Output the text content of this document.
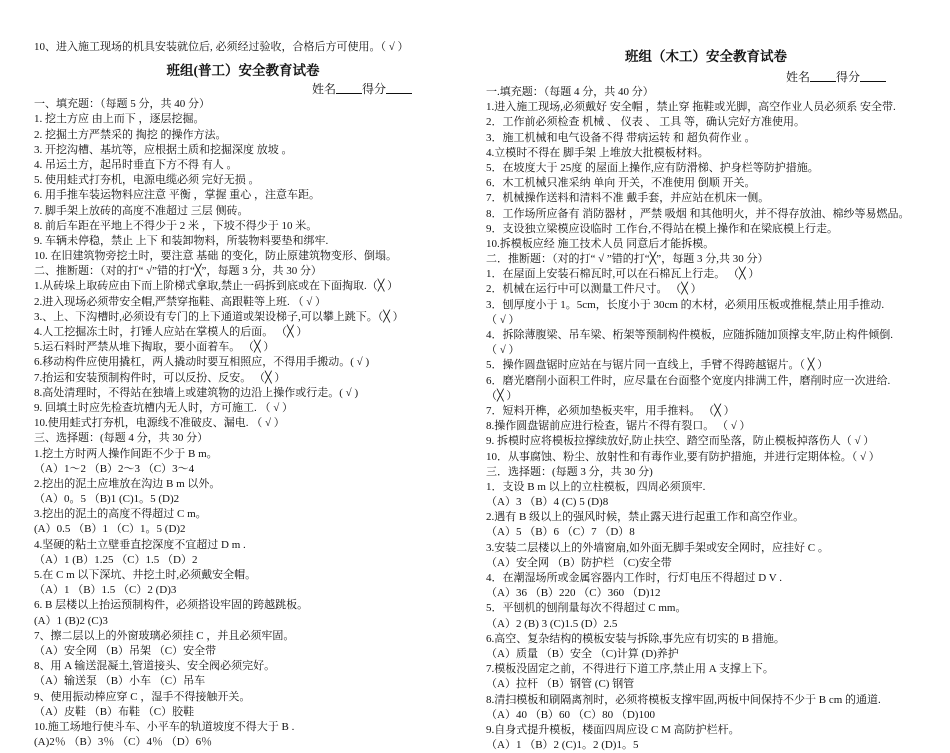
10、进入施工现场的机具安装就位后, 必须经过验收，合格后方可使用。（ √ ）
班组(普工）安全教育试卷
姓名 得分
一、填充题：（每题 5 分，共 40 分）
1. 挖土方应 由上而下 ，逐层挖掘。
2. 挖掘土方严禁采的 掏挖 的操作方法。
3. 开挖沟槽、基坑等，应根据土质和挖掘深度 放坡 。
4. 吊运土方，起吊时垂直下方不得 有人 。
5. 使用蛙式打夯机，电源电缆必须 完好无损 。
6. 用手推车装运物料应注意 平衡 ，掌握 重心 ，注意车距。
7. 脚手架上放砖的高度不准超过 三层 侧砖。
8. 前后车距在平地上不得少于 2 米 ，下坡不得少于 10 米。
9. 车辆未停稳，禁止 上下 和装卸物料，所装物料要垫和绑牢.
10. 在旧建筑物旁挖土时，要注意 基础 的变化，防止原建筑物变形、倒塌。
二、推断题：（对的打“ √”错的打“╳”，每题 3 分，共 30 分）
1.从砖垛上取砖应由下而上阶梯式拿取,禁止一码拆到底或在下面掏取.（╳ ）
2.进入现场必须带安全帽,严禁穿拖鞋、高跟鞋等上班. （ √ ）
3.、上、下沟槽时,必须设有专门的上下通道或架设梯子,可以攀上跳下。（╳ ）
4.人工挖掘冻土时，打锤人应站在掌模人的后面。 （╳ ）
5.运石料时严禁从堆下掏取，要小面着车。 （╳ ）
6.移动构件应使用撬杠，两人撬动时要互相照应，不得用手搬动。( √ )
7.抬运和安装预制构件时，可以反扮、反安。 （╳ ）
8.高处清理时，不得站在独墙上或建筑物的边沿上操作或行走。( √ )
9. 回填土时应先检查坑槽内无人时，方可施工. （ √ ）
10.使用蛙式打夯机，电源线不准破皮、漏电. （ √ ）
三、选择题：(每题 4 分，共 30 分）
1.挖土方时两人操作间距不少于 B m。
（A）1～2 （B）2～3 （C）3～4
2.挖出的泥土应堆放在沟边 B m 以外。
（A）0。5 （B)1 (C)1。5 (D)2
3.挖出的泥土的高度不得超过 C m。
(A）0.5 （B）1 （C）1。5 (D)2
4.坚硬的粘土立壁垂直挖深度不宜超过 D m .
（A）1 (B）1.25 （C）1.5 （D）2
5.在 C m 以下深坑、井挖土时,必须戴安全帽。
（A）1 （B）1.5 （C）2 (D)3
6. B 层楼以上抬运预制构件，必须搭设牢固的跨越跳板。
(A）1 (B)2 (C)3
7、擦二层以上的外窗玻璃必须挂 C ，并且必须牢固。
（A）安全网 （B）吊架 （C）安全带
8、用 A 输送混凝土,管道接头、安全阀必须完好。
（A）输送泵 （B）小车 （C）吊车
9、使用振动棒应穿 C ，湿手不得接触开关。
（A）皮鞋 （B）布鞋 （C）胶鞋
10.施工场地行使斗车、小平车的轨道坡度不得大于 B .
(A)2％ （B）3％ （C）4％ （D）6％
班组（木工）安全教育试卷
姓名 得分
一.填充题：（每题 4 分，共 40 分）
1.进入施工现场,必须戴好 安全帽 ，禁止穿 拖鞋或光脚，高空作业人员必须系 安全带.
2．工作前必须检查 机械 、 仪表 、 工具 等，确认完好方准使用。
3．施工机械和电气设备不得 带病运转 和 超负荷作业 。
4.立模时不得在 脚手架 上堆放大批模板材料。
5．在坡度大于 25度 的屋面上操作,应有防滑梯、护身栏等防护措施。
6．木工机械只准采纳 单向 开关，不准使用 倒顺 开关。
7．机械操作送料和清料不准 戴手套，并应站在机床一侧。
8．工作场所应备有 消防器材 ，严禁 吸烟 和其他明火，并不得存放油、棉纱等易燃品。
9．支设独立梁模应设临时 工作台,不得站在模上操作和在梁底模上行走。
10.拆模板应经 施工技术人员 同意后才能拆模。
二．推断题：（对的打“ √ ”错的打“╳”，每题 3 分,共 30 分）
1．在屋面上安装石棉瓦时,可以在石棉瓦上行走。 （╳ ）
2．机械在运行中可以测量工件尺寸。 （╳ ）
3．刨厚度小于 1。5cm，长度小于 30cm 的木材，必须用压板或推棍,禁止用手推动.
（ √ ）
4．拆除薄腹梁、吊车梁、桁架等预制构件模板，应随拆随加顶撑支牢,防止构件倾倒.
（ √ ）
5．操作圆盘锯时应站在与锯片同一直线上，手臂不得跨越锯片。（ ╳ ）
6．磨光磨削小面积工件时，应尽量在台面整个宽度内排满工件，磨削时应一次进给.
（╳ ）
7．短料开榫，必须加垫板夹牢，用手推料。 （╳ ）
8.操作圆盘锯前应进行检查，锯片不得有裂口。 （ √ ）
9. 拆模时应将模板拉撑续放好,防止扶空、踏空而坠落，防止模板掉落伤人（ √ ）
10．从事腐蚀、粉尘、放射性和有毒作业,要有防护措施，并进行定期体检。（ √ ）
三．选择题：(每题 3 分，共 30 分)
1．支设 B m 以上的立柱模板，四周必须顶牢.
（A）3 （B）4 (C) 5 (D)8
2.遇有 B 级以上的强风时候，禁止露天进行起重工作和高空作业。
（A）5 （B）6 （C）7 （D）8
3.安装二层楼以上的外墙窗扇,如外面无脚手架或安全网时，应挂好 C 。
（A）安全网 （B）防护栏 （C)安全带
4．在潮湿场所或金属容器内工作时，行灯电压不得超过 D V .
（A）36 （B）220 （C）360 （D)12
5．平刨机的刨削量每次不得超过 C mm。
（A）2 (B) 3 (C)1.5 (D）2.5
6.高空、复杂结构的模板安装与拆除,事先应有切实的 B 措施。
（A）质量 （B）安全 （C)计算 (D)养护
7.模板没固定之前，不得进行下道工序,禁止用 A 支撑上下。
（A）拉杆 （B）钢管 (C) 钢管
8.清扫模板和刷隔离剂时，必须将模板支撑牢固,两板中间保持不少于 B cm 的通道.
（A）40 （B）60 （C）80 （D)100
9.自身式提升模板，楼面四周应设 C M 高防护栏杆。
（A）1 （B）2 (C)1。2 (D)1。5
